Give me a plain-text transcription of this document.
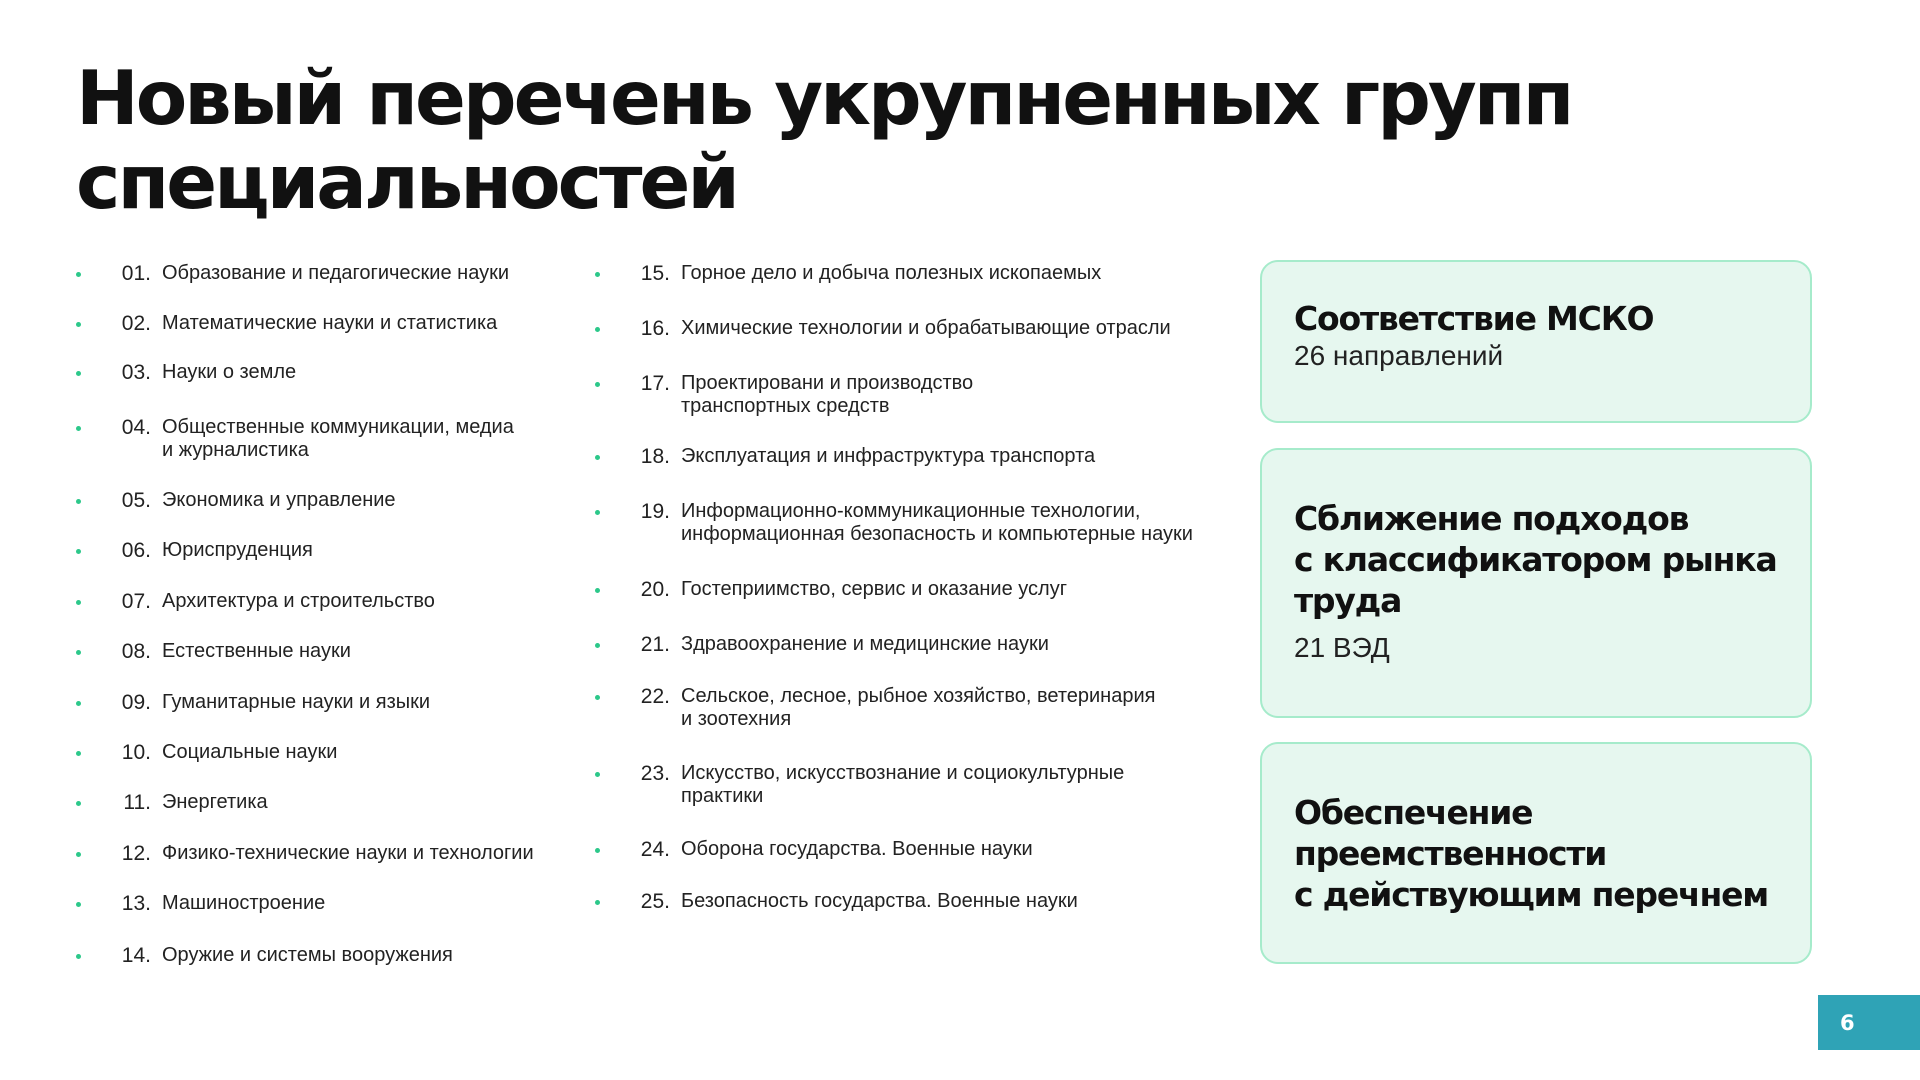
Новый перечень укрупненных групп
специальностей
01. Образование и педагогические науки
02. Математические науки и статистика
03. Науки о земле
04. Общественные коммуникации, медиа
и журналистика
05. Экономика и управление
06. Юриспруденция
07. Архитектура и строительство
08. Естественные науки
09. Гуманитарные науки и языки
10. Социальные науки
11. Энергетика
12. Физико-технические науки и технологии
13. Машиностроение
14. Оружие и системы вооружения
15. Горное дело и добыча полезных ископаемых
16. Химические технологии и обрабатывающие отрасли
17. Проектировани и производство
транспортных средств
18. Эксплуатация и инфраструктура транспорта
19. Информационно-коммуникационные технологии,
информационная безопасность и компьютерные науки
20. Гостеприимство, сервис и оказание услуг
21. Здравоохранение и медицинские науки
22. Сельское, лесное, рыбное хозяйство, ветеринария
и зоотехния
23. Искусство, искусствознание и социокультурные
практики
24. Оборона государства. Военные науки
25. Безопасность государства. Военные науки
Соответствие МСКО
26 направлений
Сближение подходов
с классификатором рынка
труда
21 ВЭД
Обеспечение
преемственности
с действующим перечнем
6
